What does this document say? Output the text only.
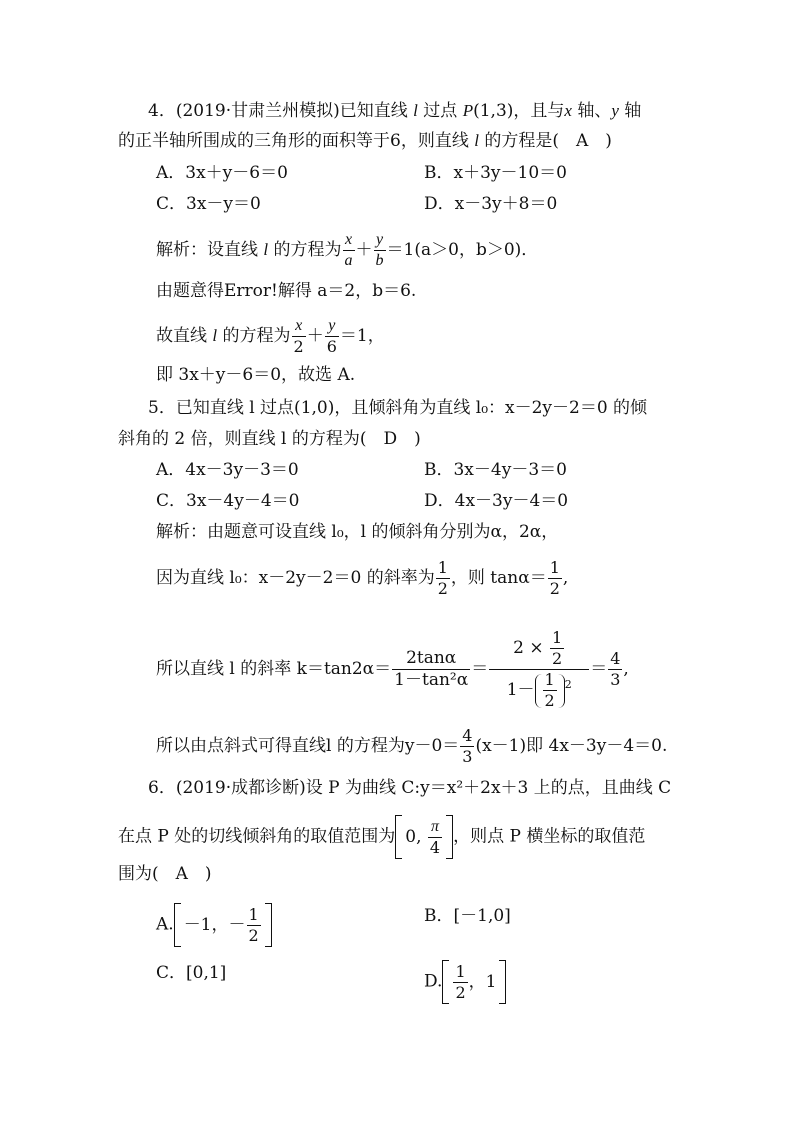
4．(2019·甘肃兰州模拟)已知直线 l 过点 P(1,3)，且与x 轴、y 轴
的正半轴所围成的三角形的面积等于6，则直线 l 的方程是(　A　)
A．3x＋y－6＝0	B．x＋3y－10＝0
C．3x－y＝0	D．x－3y＋8＝0
解析：设直线 l 的方程为 $\frac{x}{a} + \frac{y}{b} =1(a>0$，b＞0)．
由题意得Error!解得 a＝2，b＝6.
故直线 l 的方程为 $\frac{x}{2} + \frac{y}{6} =1$，
即 3x＋y－6＝0，故选 A.
5．已知直线 l 过点(1,0)，且倾斜角为直线 l₀：x－2y－2＝0 的倾
斜角的 2 倍，则直线 l 的方程为(　D　)
A．4x－3y－3＝0	B．3x－4y－3＝0
C．3x－4y－4＝0	D．4x－3y－4＝0
解析：由题意可设直线 l₀，l 的倾斜角分别为α，2α，
因为直线 l₀：x－2y－2＝0 的斜率为 $\frac{1}{2}$ ，则 $\tan\alpha= \frac{1}{2}$ ,
所以直线 l 的斜率 $k=\tan 2\alpha= \frac{2\tan\alpha}{\text{1－tan²α}} = \frac{2 \times \frac{1}{2}}{1- \frac{1}{2} ^2} = \frac{4}{3}$ ,
所以由点斜式可得直线l 的方程为$y-0= \frac{4}{3} (x-1)$即 4x－3y－4＝0.
6．(2019·成都诊断)设 P 为曲线 C:y＝x²＋2x＋3 上的点，且曲线 C
在点 P 处的切线倾斜角的取值范围为 0, $\frac{\pi}{4}$ ，则点 P 横坐标的取值范
围为(　A　)
A. －1，－ $\frac{1}{2}$	B．[－1,0]
C．[0,1]	D. $\frac{1}{2}$ ，1
